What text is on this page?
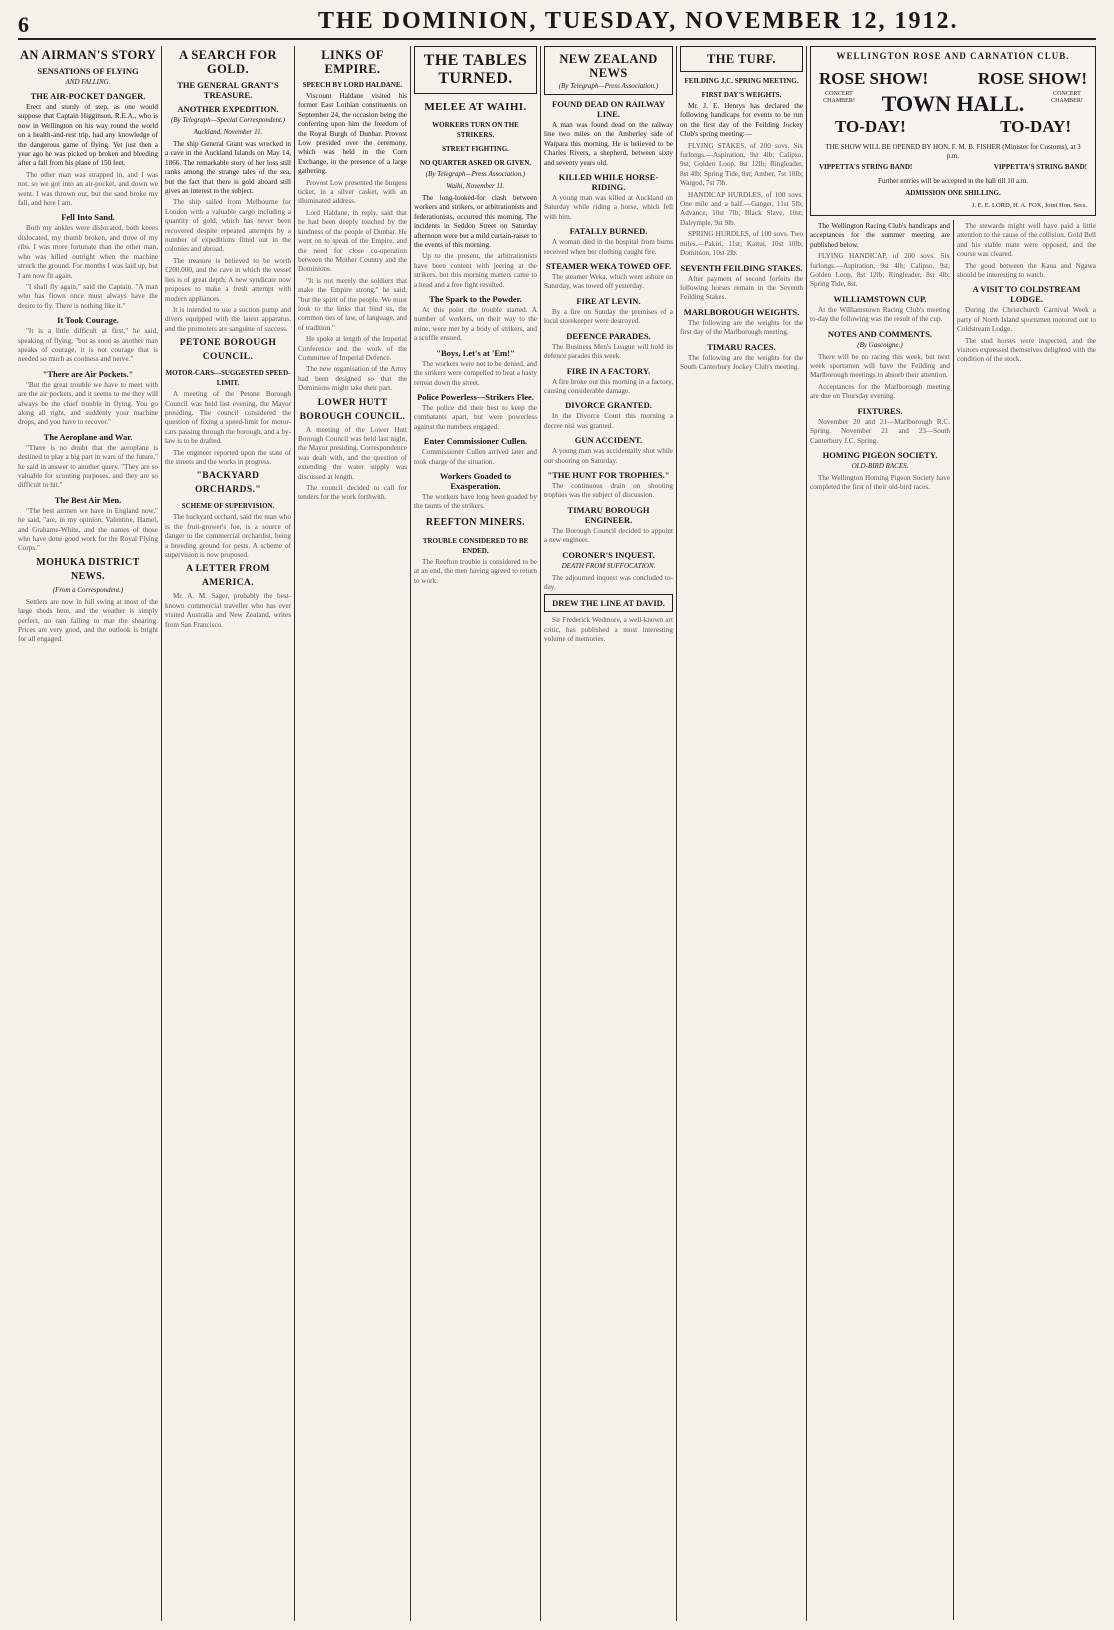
6	THE DOMINION, TUESDAY, NOVEMBER 12, 1912.
AN AIRMAN'S STORY
SENSATIONS OF FLYING
AND FALLING.
THE AIR-POCKET DANGER.

Erect and sturdy of step, as one would suppose that Captain Higginson, R.E.A., who is now in Wellington on his way round the world on a health-and-rest trip, had any knowledge of the dangerous game of flying. Yet just then a year ago he was picked up broken and bleeding after a fall from his plane of 150 feet.

The other man was strapped in, and I was not, so we got into an air-pocket, and down we went. I was thrown out, but the sand broke my fall, and here I am.

Fell Into Sand.

Both my ankles were dislocated, both knees dislocated, my thumb broken, and three of my ribs. I was more fortunate than the other man, who was killed outright when the machine struck the ground. For months I was laid up, but I am now fit again.

"I shall fly again," said the Captain. "A man who has flown once must always have the desire to fly. There is nothing like it."

It Took Courage.

"It is a little difficult at first," he said, speaking of flying, "but as soon as another man speaks of courage, it is not courage that is needed so much as coolness and nerve."

"There are Air Pockets."

"But the great trouble we have to meet with are the air pockets, and it seems to me they will always be the chief trouble in flying. You go along all right, and suddenly your machine drops, and you have to recover."

The Aeroplane and War.

"There is no doubt that the aeroplane is destined to play a big part in wars of the future," he said in answer to another query. "They are so valuable for scouting purposes, and they are so difficult to hit."

The Best Air Men.

"The best airmen we have in England now," he said, "are, in my opinion, Valentine, Hamel, and Grahame-White, and the names of those who have done good work for the Royal Flying Corps."

MOHUKA DISTRICT NEWS.
(From a Correspondent.)

Settlers are now in full swing at most of the large sheds here, and the weather is simply perfect, no rain falling to mar the shearing. Prices are very good, and the outlook is bright for all engaged.

A SEARCH FOR GOLD.
THE GENERAL GRANT'S TREASURE.
ANOTHER EXPEDITION.
(By Telegraph—Special Correspondent.)
Auckland, November 11.

The ship General Grant was wrecked in a cave in the Auckland Islands on May 14, 1866. The remarkable story of her loss still ranks among the strange tales of the sea, but the fact that there is gold aboard still gives an interest to the subject.

The ship sailed from Melbourne for London with a valuable cargo including a quantity of gold, which has never been recovered despite repeated attempts by a number of expeditions fitted out in the colonies and abroad.

The treasure is believed to be worth £200,000, and the cave in which the vessel lies is of great depth. A new syndicate now proposes to make a fresh attempt with modern appliances.

It is intended to use a suction pump and divers equipped with the latest apparatus, and the promoters are sanguine of success.

PETONE BOROUGH COUNCIL.
MOTOR-CARS—SUGGESTED SPEED-LIMIT.

A meeting of the Petone Borough Council was held last evening, the Mayor presiding. The council considered the question of fixing a speed-limit for motor-cars passing through the borough, and a by-law is to be drafted.

The engineer reported upon the state of the streets and the works in progress.

"BACKYARD ORCHARDS."
SCHEME OF SUPERVISION.

The backyard orchard, said the man who is the fruit-grower's foe, is a source of danger to the commercial orchardist, being a breeding ground for pests. A scheme of supervision is now proposed.

A LETTER FROM AMERICA.

Mr. A. M. Sager, probably the best-known commercial traveller who has ever visited Australia and New Zealand, writes from San Francisco.

LINKS OF EMPIRE.
SPEECH BY LORD HALDANE.

Viscount Haldane visited his former East Lothian constituents on September 24, the occasion being the conferring upon him the freedom of the Royal Burgh of Dunbar. Provost Low presided over the ceremony, which was held in the Corn Exchange, in the presence of a large gathering.

Provost Low presented the burgess ticket, in a silver casket, with an illuminated address.

Lord Haldane, in reply, said that he had been deeply touched by the kindness of the people of Dunbar. He went on to speak of the Empire, and the need for close co-operation between the Mother Country and the Dominions.

"It is not merely the soldiers that make the Empire strong," he said, "but the spirit of the people. We must look to the links that bind us, the common ties of law, of language, and of tradition."

He spoke at length of the Imperial Conference and the work of the Committee of Imperial Defence.

The new organisation of the Army had been designed so that the Dominions might take their part.

LOWER HUTT BOROUGH COUNCIL.

A meeting of the Lower Hutt Borough Council was held last night, the Mayor presiding. Correspondence was dealt with, and the question of extending the water supply was discussed at length.

The council decided to call for tenders for the work forthwith.

THE TABLES TURNED.
MELEE AT WAIHI.
WORKERS TURN ON THE STRIKERS.
STREET FIGHTING.
NO QUARTER ASKED OR GIVEN.
(By Telegraph—Press Association.)
Waihi, November 11.

The long-looked-for clash between workers and strikers, or arbitrationists and federationists, occurred this morning. The incidents in Seddon Street on Saturday afternoon were but a mild curtain-raiser to the events of this morning.

Up to the present, the arbitrationists have been content with jeering at the strikers, but this morning matters came to a head and a free fight resulted.

The Spark to the Powder.

At this point the trouble started. A number of workers, on their way to the mine, were met by a body of strikers, and a scuffle ensued.

"Boys, Let's at 'Em!"

The workers were not to be denied, and the strikers were compelled to beat a hasty retreat down the street.

Police Powerless—Strikers Flee.

The police did their best to keep the combatants apart, but were powerless against the numbers engaged.

Enter Commissioner Cullen.

Commissioner Cullen arrived later and took charge of the situation.

Workers Goaded to Exasperation.

The workers have long been goaded by the taunts of the strikers.

REEFTON MINERS.
TROUBLE CONSIDERED TO BE ENDED.

The Reefton trouble is considered to be at an end, the men having agreed to return to work.

NEW ZEALAND NEWS
(By Telegraph—Press Association.)
FOUND DEAD ON RAILWAY LINE.

A man was found dead on the railway line two miles on the Amberley side of Waipara this morning. He is believed to be Charles Rivers, a shepherd, between sixty and seventy years old.

KILLED WHILE HORSE-RIDING.

A young man was killed at Auckland on Saturday while riding a horse, which fell with him.

FATALLY BURNED.

A woman died in the hospital from burns received when her clothing caught fire.

STEAMER WEKA TOWED OFF.

The steamer Weka, which went ashore on Saturday, was towed off yesterday.

FIRE AT LEVIN.

By a fire on Sunday the premises of a local storekeeper were destroyed.

DEFENCE PARADES.

The Business Men's League will hold its defence parades this week.

FIRE IN A FACTORY.

A fire broke out this morning in a factory, causing considerable damage.

DIVORCE GRANTED.

In the Divorce Court this morning a decree nisi was granted.

GUN ACCIDENT.

A young man was accidentally shot while out shooting on Saturday.

"THE HUNT FOR TROPHIES."

The continuous drain on shooting trophies was the subject of discussion.

TIMARU BOROUGH ENGINEER.

The Borough Council decided to appoint a new engineer.

CORONER'S INQUEST.
DEATH FROM SUFFOCATION.

The adjourned inquest was concluded to-day.

DREW THE LINE AT DAVID.

Sir Frederick Wedmore, a well-known art critic, has published a most interesting volume of memories.

THE TURF.
FEILDING J.C. SPRING MEETING.
FIRST DAY'S WEIGHTS.

Mr. J. E. Henrys has declared the following handicaps for events to be run on the first day of the Feilding Jockey Club's spring meeting:—

FLYING STAKES, of 200 sovs. Six furlongs.—Aspiration, 9st 4lb; Calipso, 9st; Golden Loop, 8st 12lb; Ringleader, 8st 4lb; Spring Tide, 8st; Amber, 7st 10lb; Wargod, 7st 7lb.

HANDICAP HURDLES, of 100 sovs. One mile and a half.—Ganger, 11st 5lb; Advance, 10st 7lb; Black Slave, 10st; Dalrymple, 9st 9lb.

SPRING HURDLES, of 100 sovs. Two miles.—Pakiri, 11st; Kaitui, 10st 10lb; Dominion, 10st 2lb.

SEVENTH FEILDING STAKES.

After payment of second forfeits the following horses remain in the Seventh Feilding Stakes.

MARLBOROUGH WEIGHTS.

The following are the weights for the first day of the Marlborough meeting.

TIMARU RACES.

The following are the weights for the South Canterbury Jockey Club's meeting.

WELLINGTON ROSE AND CARNATION CLUB.
ROSE SHOW!	ROSE SHOW!
CONCERT CHAMBER!
CONCERT CHAMBER!
TOWN HALL.
TO-DAY!	TO-DAY!
THE SHOW WILL BE OPENED BY HON. F. M. B. FISHER (Minister for Customs), at 3 p.m.
VIPPETTA'S STRING BAND!	VIPPETTA'S STRING BAND!
Further entries will be accepted in the hall till 10 a.m.
ADMISSION ONE SHILLING.
J. E. E. LORD, H. A. FOX, Joint Hon. Secs.

The Wellington Racing Club's handicaps and acceptances for the summer meeting are published below.

FLYING HANDICAP, of 200 sovs. Six furlongs.—Aspiration, 9st 4lb; Calipso, 9st; Golden Loop, 8st 12lb; Ringleader, 8st 4lb; Spring Tide, 8st.

WILLIAMSTOWN CUP.

At the Williamstown Racing Club's meeting to-day the following was the result of the cup.

NOTES AND COMMENTS.
(By Gascoigne.)

There will be no racing this week, but next week sportsmen will have the Feilding and Marlborough meetings to absorb their attention.

Acceptances for the Marlborough meeting are due on Thursday evening.

FIXTURES.

November 20 and 21—Marlborough R.C. Spring. November 21 and 23—South Canterbury J.C. Spring.

HOMING PIGEON SOCIETY.
OLD-BIRD RACES.

The Wellington Homing Pigeon Society have completed the first of their old-bird races.

The stewards might well have paid a little attention to the cause of the collision. Gold Bell and his stable mate were opposed, and the course was cleared.

The good between the Kaua and Ngawa should be interesting to watch.

A VISIT TO COLDSTREAM LODGE.

During the Christchurch Carnival Week a party of North Island sportsmen motored out to Coldstream Lodge.

The stud horses were inspected, and the visitors expressed themselves delighted with the condition of the stock.
